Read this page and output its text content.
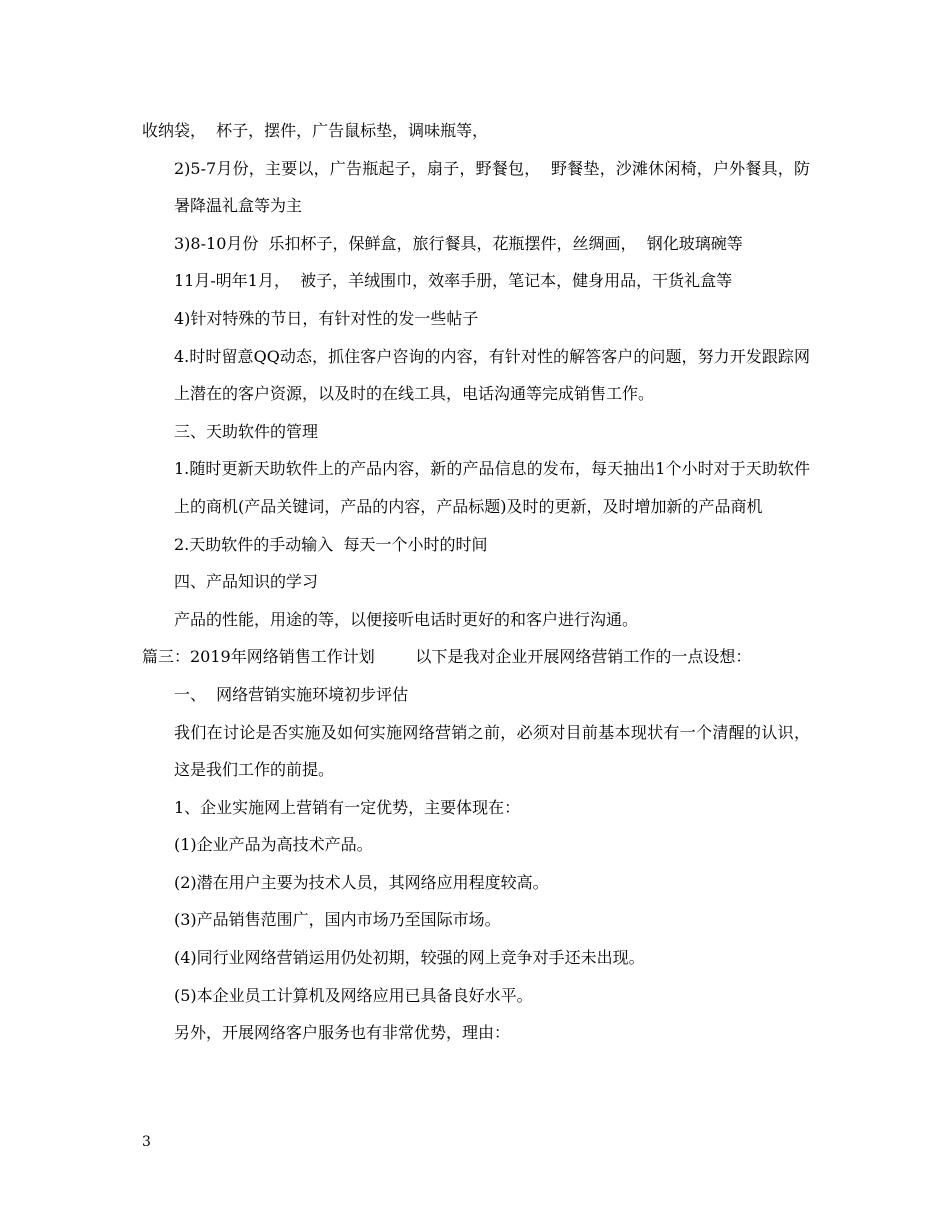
收纳袋，  杯子，摆件，广告鼠标垫，调味瓶等，

2)5-7月份，主要以，广告瓶起子，扇子，野餐包，  野餐垫，沙滩休闲椅，户外餐具，防暑降温礼盒等为主

3)8-10月份  乐扣杯子，保鲜盒，旅行餐具，花瓶摆件，丝绸画，  钢化玻璃碗等

11月-明年1月，  被子，羊绒围巾，效率手册，笔记本，健身用品，干货礼盒等

4)针对特殊的节日，有针对性的发一些帖子

4.时时留意QQ动态，抓住客户咨询的内容，有针对性的解答客户的问题，努力开发跟踪网上潜在的客户资源，以及时的在线工具，电话沟通等完成销售工作。

三、天助软件的管理

1.随时更新天助软件上的产品内容，新的产品信息的发布，每天抽出1个小时对于天助软件上的商机(产品关键词，产品的内容，产品标题)及时的更新，及时增加新的产品商机

2.天助软件的手动输入  每天一个小时的时间

四、产品知识的学习

产品的性能，用途的等，以便接听电话时更好的和客户进行沟通。

篇三：2019年网络销售工作计划        以下是我对企业开展网络营销工作的一点设想：

一、  网络营销实施环境初步评估

我们在讨论是否实施及如何实施网络营销之前，必须对目前基本现状有一个清醒的认识，这是我们工作的前提。

1、企业实施网上营销有一定优势，主要体现在：

(1)企业产品为高技术产品。

(2)潜在用户主要为技术人员，其网络应用程度较高。

(3)产品销售范围广，国内市场乃至国际市场。

(4)同行业网络营销运用仍处初期，较强的网上竞争对手还未出现。

(5)本企业员工计算机及网络应用已具备良好水平。

另外，开展网络客户服务也有非常优势，理由：

3
